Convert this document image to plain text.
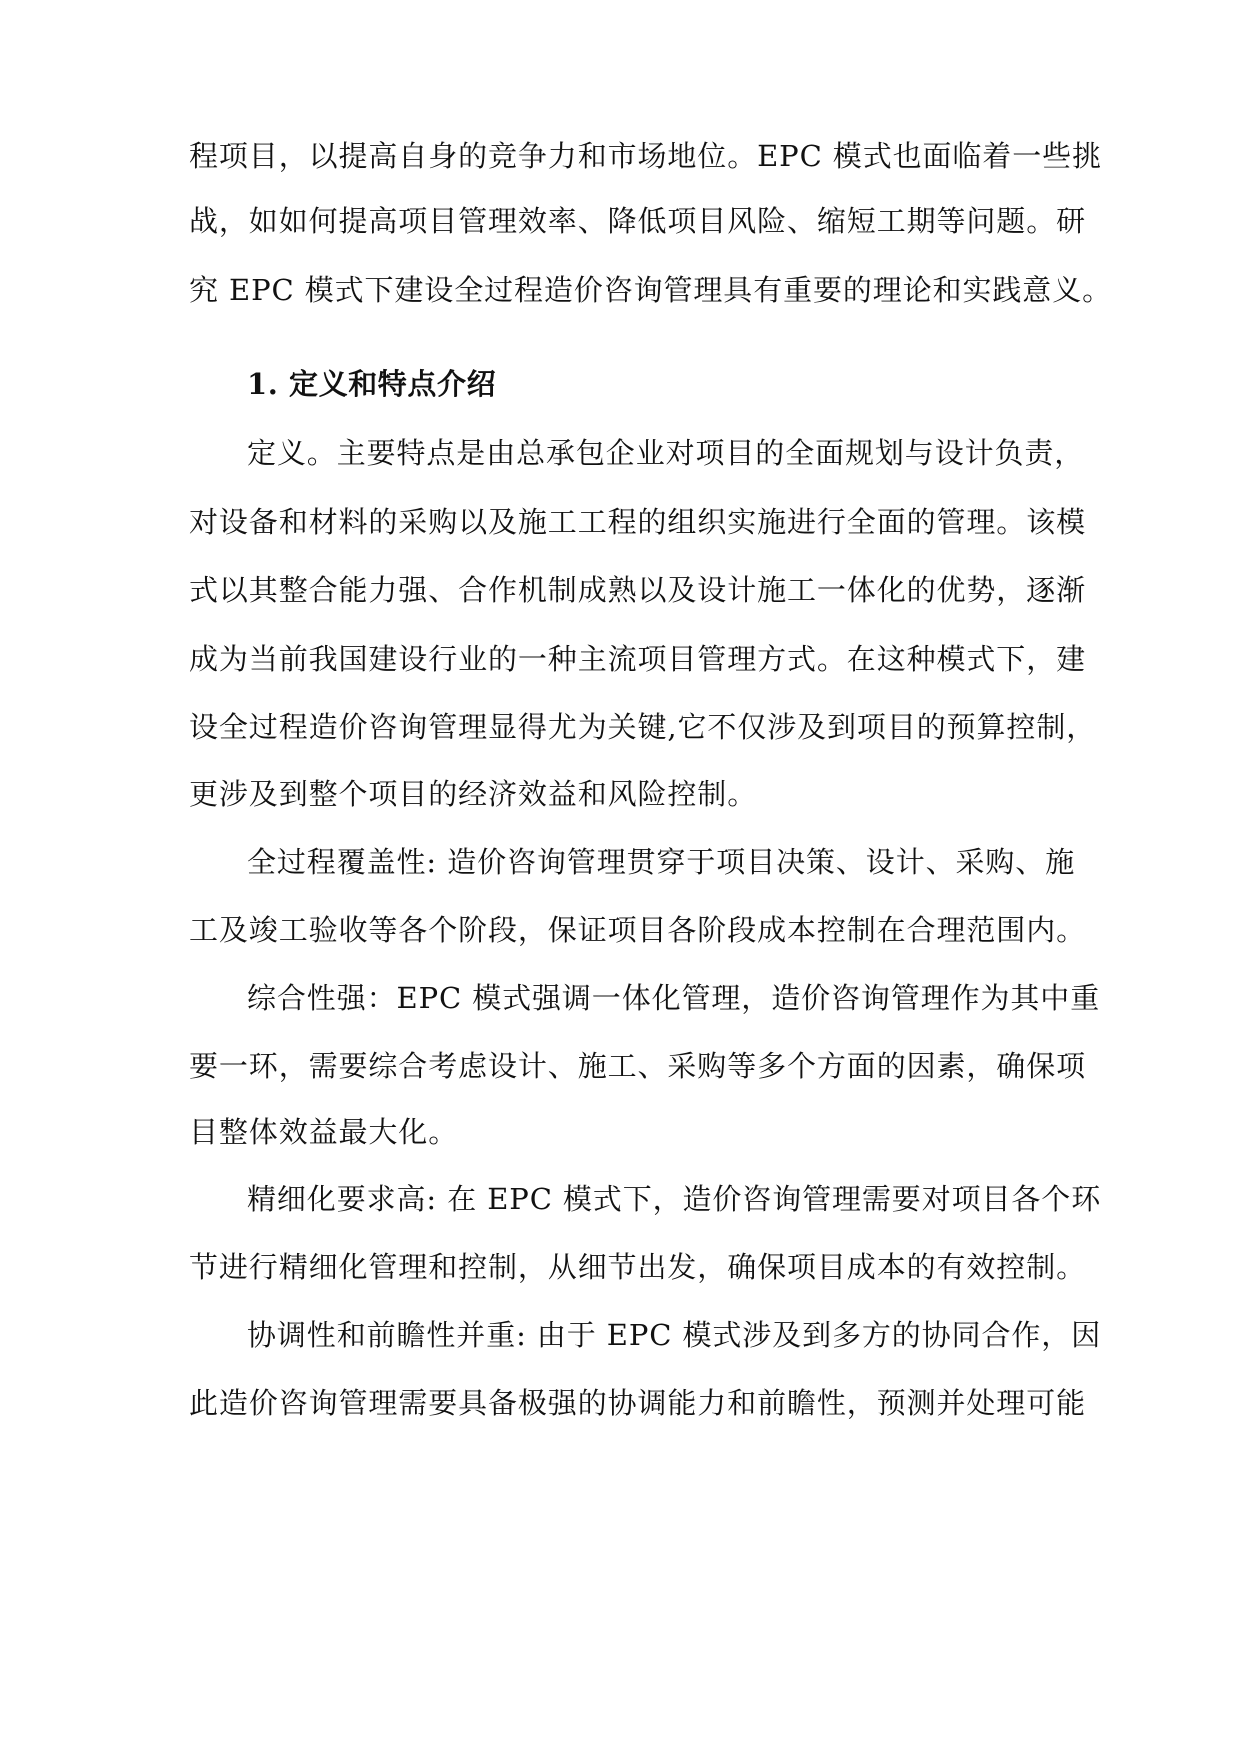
程项目，以提高自身的竞争力和市场地位。EPC 模式也面临着一些挑
战，如如何提高项目管理效率、降低项目风险、缩短工期等问题。研
究 EPC 模式下建设全过程造价咨询管理具有重要的理论和实践意义。
1. 定义和特点介绍
定义。主要特点是由总承包企业对项目的全面规划与设计负责，
对设备和材料的采购以及施工工程的组织实施进行全面的管理。该模
式以其整合能力强、合作机制成熟以及设计施工一体化的优势，逐渐
成为当前我国建设行业的一种主流项目管理方式。在这种模式下，建
设全过程造价咨询管理显得尤为关键,它不仅涉及到项目的预算控制，
更涉及到整个项目的经济效益和风险控制。
全过程覆盖性: 造价咨询管理贯穿于项目决策、设计、采购、施
工及竣工验收等各个阶段，保证项目各阶段成本控制在合理范围内。
综合性强：EPC 模式强调一体化管理，造价咨询管理作为其中重
要一环，需要综合考虑设计、施工、采购等多个方面的因素，确保项
目整体效益最大化。
精细化要求高: 在 EPC 模式下，造价咨询管理需要对项目各个环
节进行精细化管理和控制，从细节出发，确保项目成本的有效控制。
协调性和前瞻性并重: 由于 EPC 模式涉及到多方的协同合作，因
此造价咨询管理需要具备极强的协调能力和前瞻性，预测并处理可能
